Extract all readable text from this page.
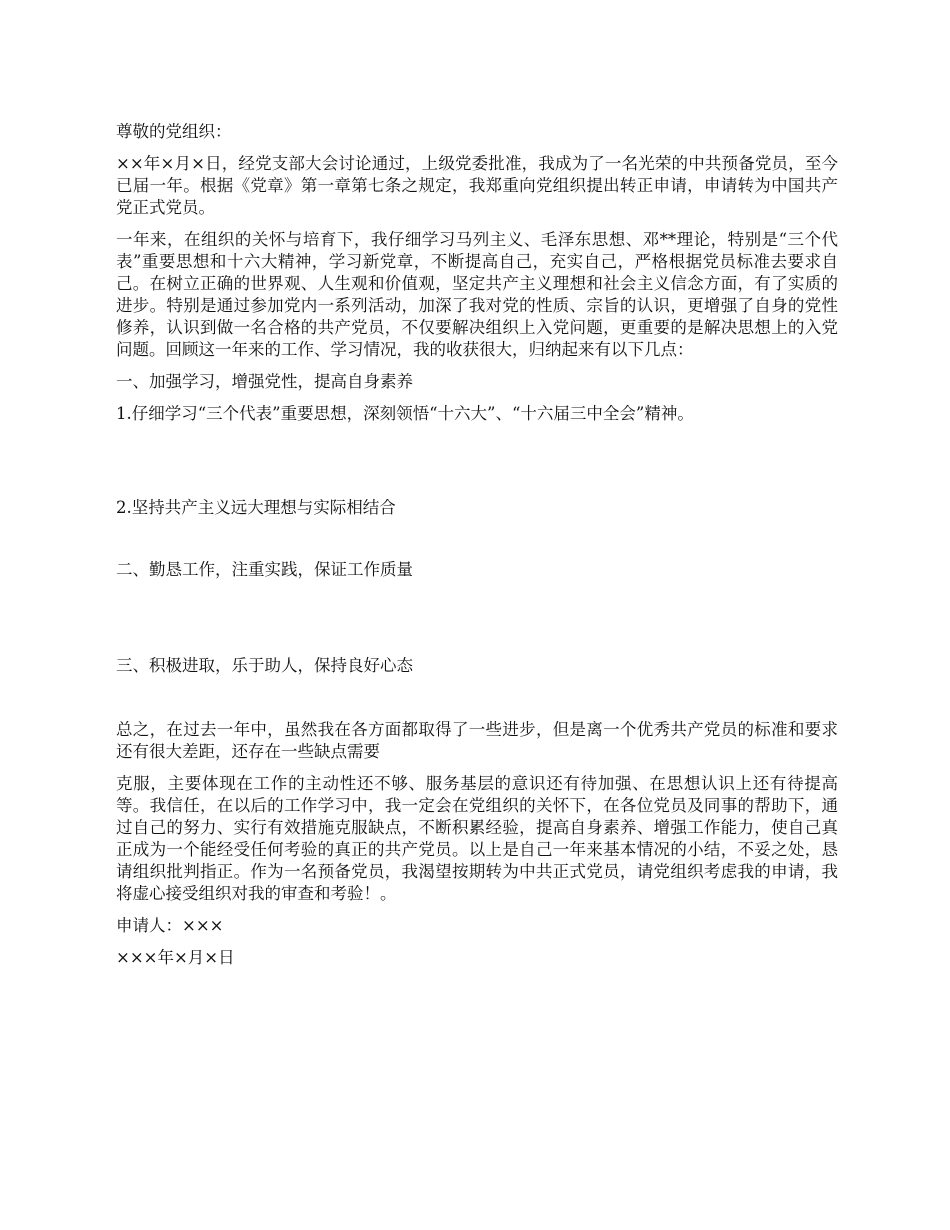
尊敬的党组织：

××年×月×日，经党支部大会讨论通过，上级党委批准，我成为了一名光荣的中共预备党员，至今已届一年。根据《党章》第一章第七条之规定，我郑重向党组织提出转正申请，申请转为中国共产党正式党员。

一年来，在组织的关怀与培育下，我仔细学习马列主义、毛泽东思想、邓**理论，特别是“三个代表”重要思想和十六大精神，学习新党章，不断提高自己，充实自己，严格根据党员标准去要求自己。在树立正确的世界观、人生观和价值观，坚定共产主义理想和社会主义信念方面，有了实质的进步。特别是通过参加党内一系列活动，加深了我对党的性质、宗旨的认识，更增强了自身的党性修养，认识到做一名合格的共产党员，不仅要解决组织上入党问题，更重要的是解决思想上的入党问题。回顾这一年来的工作、学习情况，我的收获很大，归纳起来有以下几点：

一、加强学习，增强党性，提高自身素养

1.仔细学习“三个代表”重要思想，深刻领悟“十六大”、“十六届三中全会”精神。

2.坚持共产主义远大理想与实际相结合

二、勤恳工作，注重实践，保证工作质量

三、积极进取，乐于助人，保持良好心态

总之，在过去一年中，虽然我在各方面都取得了一些进步，但是离一个优秀共产党员的标准和要求还有很大差距，还存在一些缺点需要

克服，主要体现在工作的主动性还不够、服务基层的意识还有待加强、在思想认识上还有待提高等。我信任，在以后的工作学习中，我一定会在党组织的关怀下，在各位党员及同事的帮助下，通过自己的努力、实行有效措施克服缺点，不断积累经验，提高自身素养、增强工作能力，使自己真正成为一个能经受任何考验的真正的共产党员。以上是自己一年来基本情况的小结，不妥之处，恳请组织批判指正。作为一名预备党员，我渴望按期转为中共正式党员，请党组织考虑我的申请，我将虚心接受组织对我的审查和考验！。

申请人：×××

×××年×月×日
